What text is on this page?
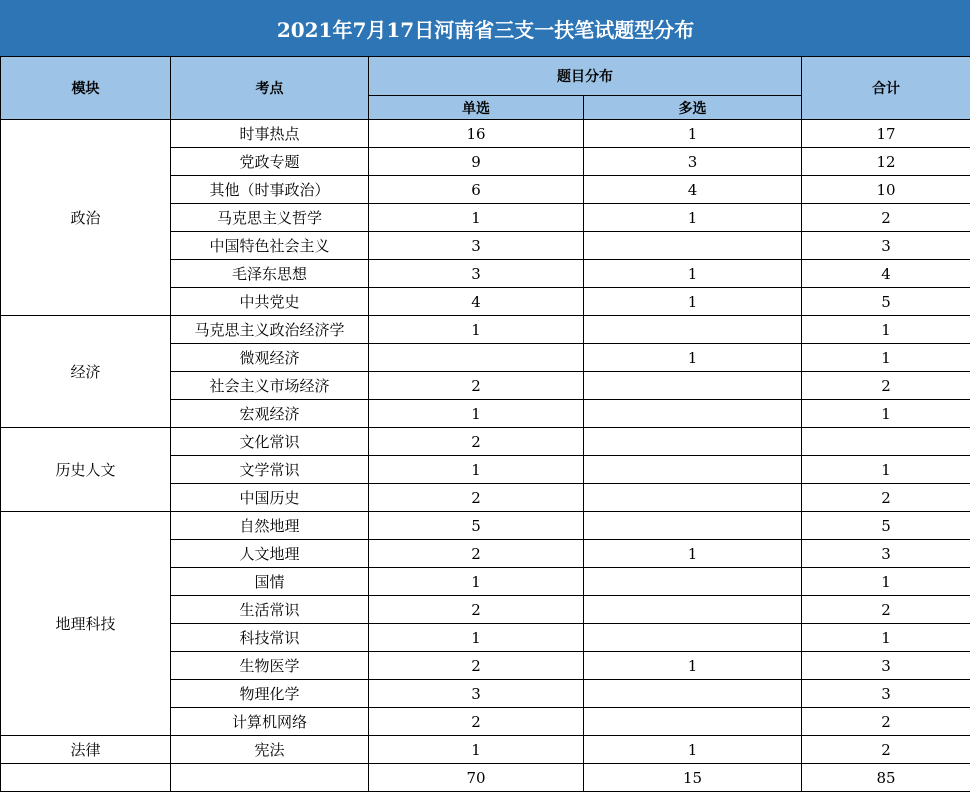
2021年7月17日河南省三支一扶笔试题型分布				
模块	考点	题目分布		合计
		单选	多选	
政治	时事热点	16	1	17
	党政专题	9	3	12
	其他（时事政治）	6	4	10
	马克思主义哲学	1	1	2
	中国特色社会主义	3		3
	毛泽东思想	3	1	4
	中共党史	4	1	5
经济	马克思主义政治经济学	1		1
	微观经济		1	1
	社会主义市场经济	2		2
	宏观经济	1		1
历史人文	文化常识	2		
	文学常识	1		1
	中国历史	2		2
地理科技	自然地理	5		5
	人文地理	2	1	3
	国情	1		1
	生活常识	2		2
	科技常识	1		1
	生物医学	2	1	3
	物理化学	3		3
	计算机网络	2		2
法律	宪法	1	1	2
		70	15	85
